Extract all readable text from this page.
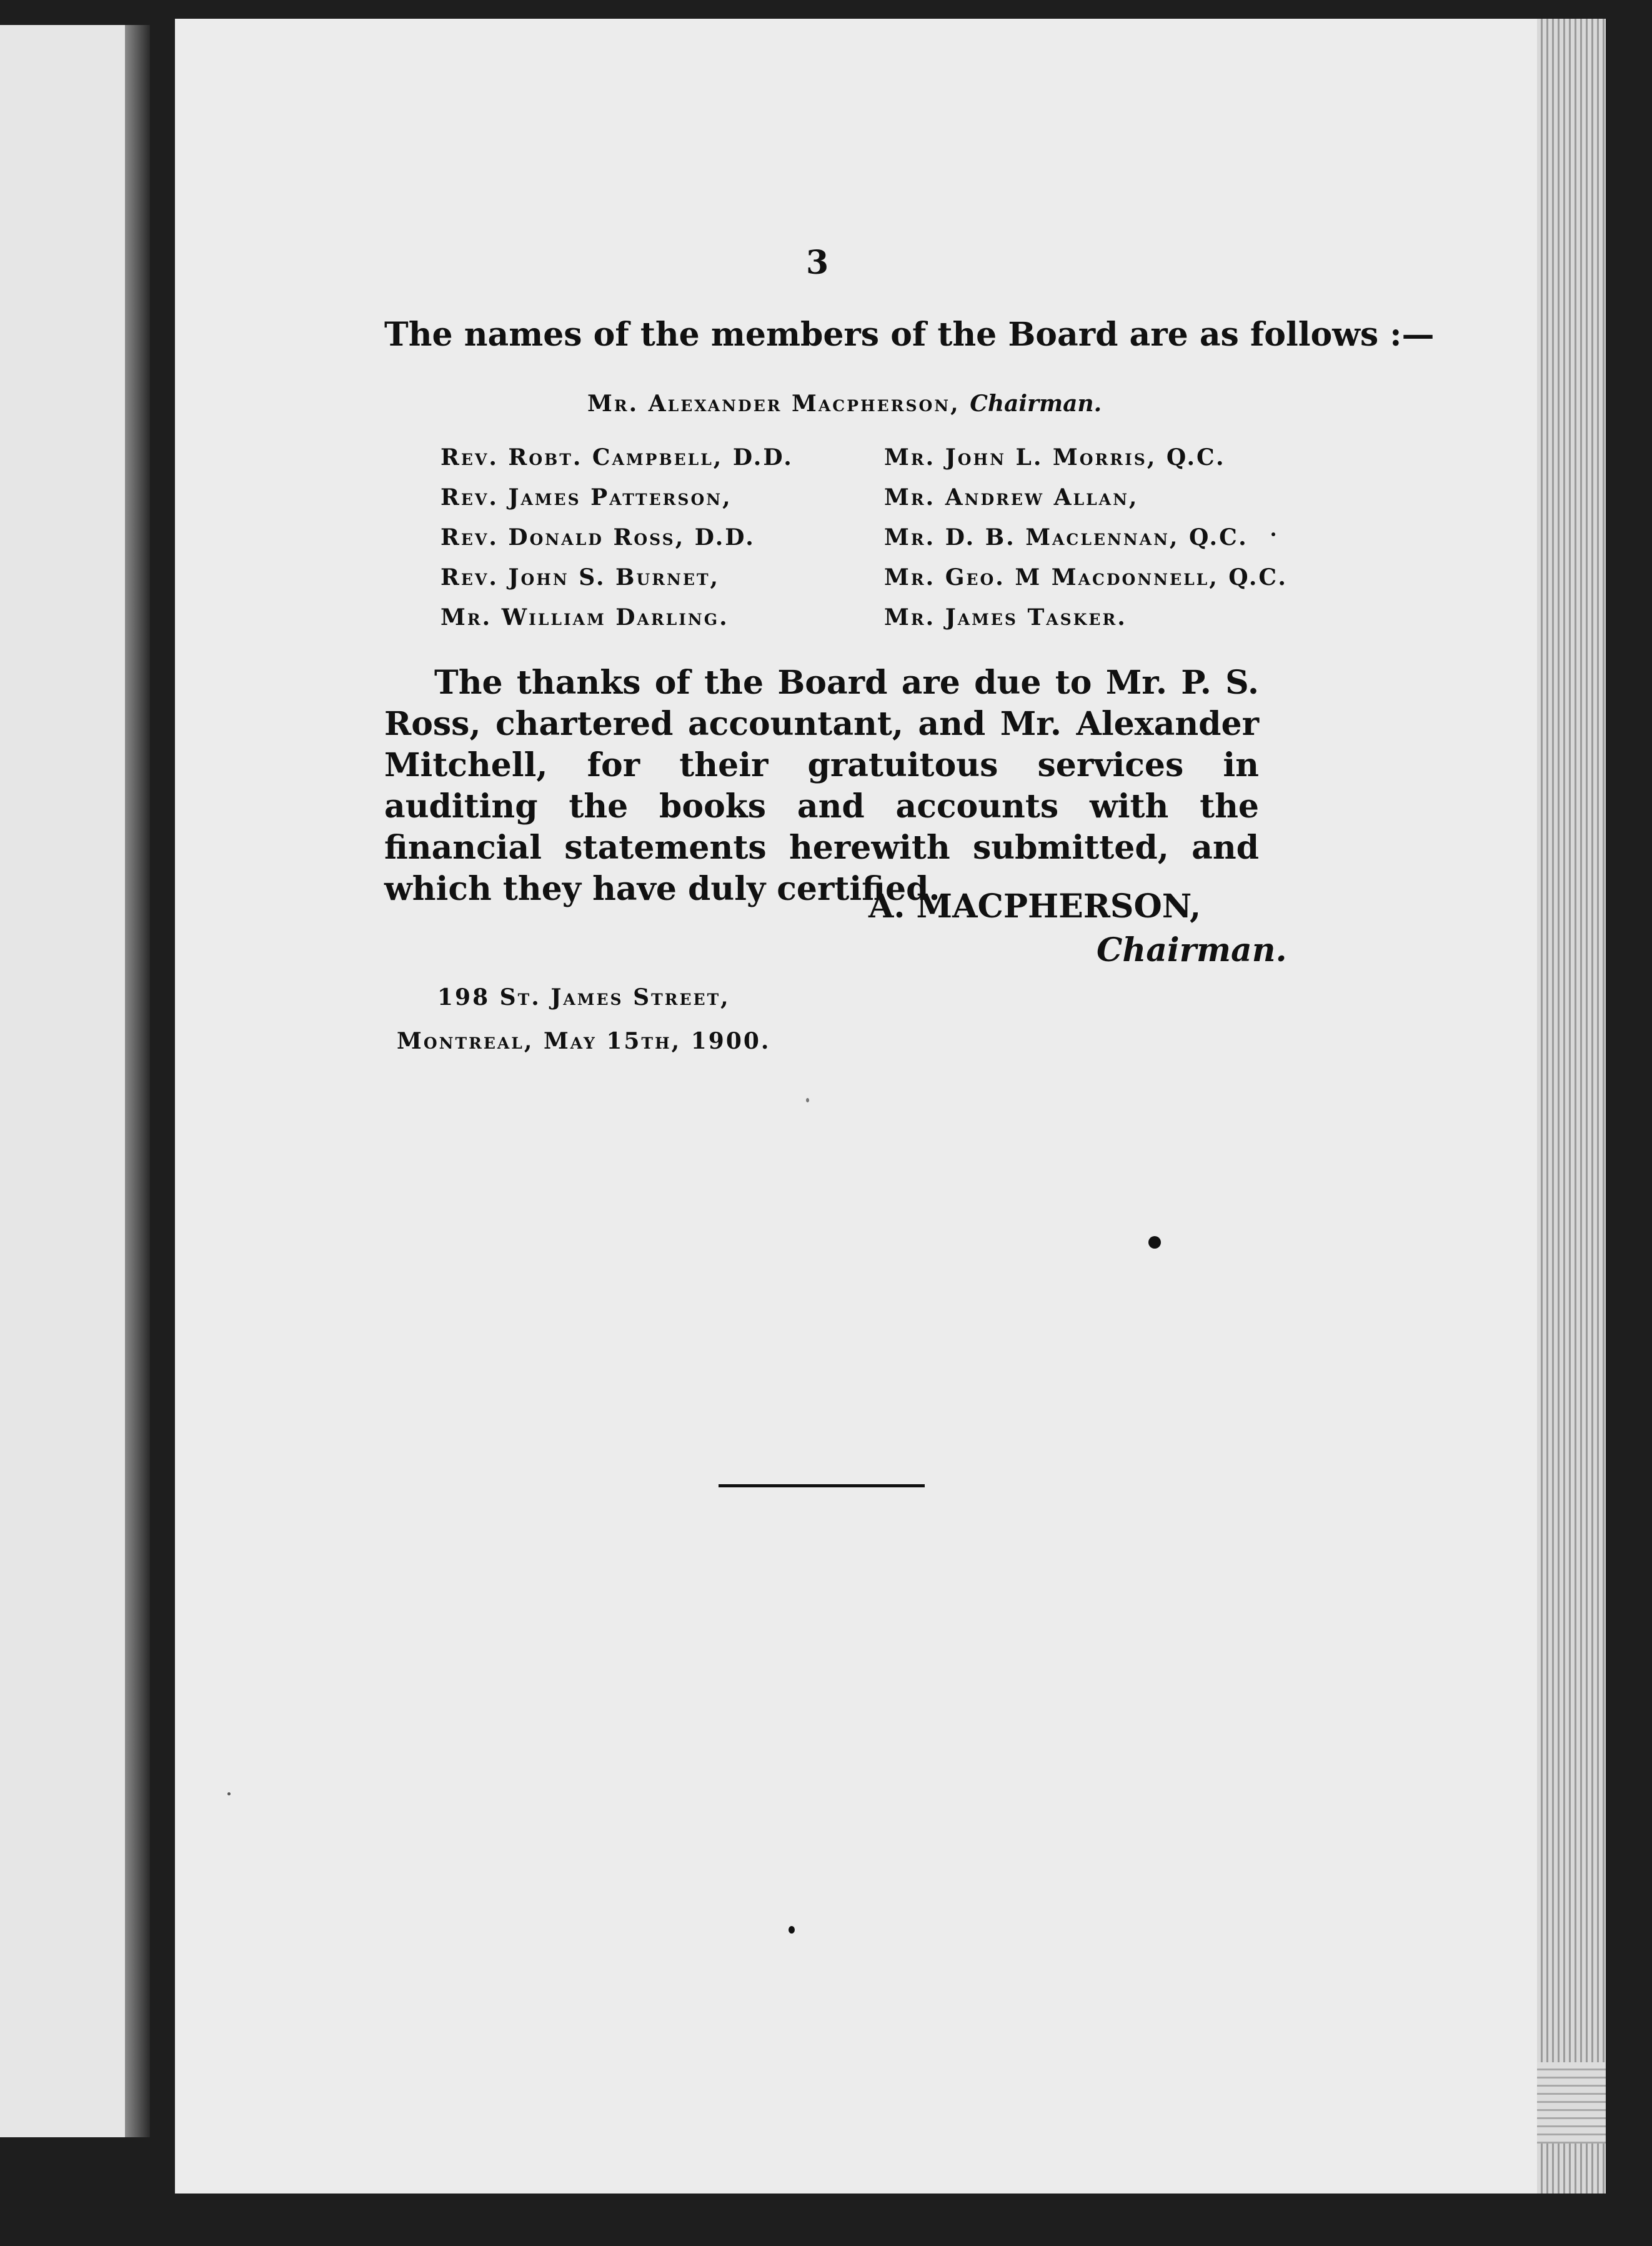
3
The names of the members of the Board are as follows :—
Mr. Alexander Macpherson, Chairman.
Rev. Robt. Campbell, D.D.
Rev. James Patterson,
Rev. Donald Ross, D.D.
Rev. John S. Burnet,
Mr. William Darling.
Mr. John L. Morris, Q.C.
Mr. Andrew Allan,
Mr. D. B. Maclennan, Q.C.
Mr. Geo. M Macdonnell, Q.C.
Mr. James Tasker.

The thanks of the Board are due to Mr. P. S. Ross, chartered accountant, and Mr. Alexander Mitchell, for their gratuitous services in auditing the books and accounts with the financial statements herewith submitted, and which they have duly certified.

A. MACPHERSON,
Chairman.
198 St. James Street,
Montreal, May 15th, 1900.
